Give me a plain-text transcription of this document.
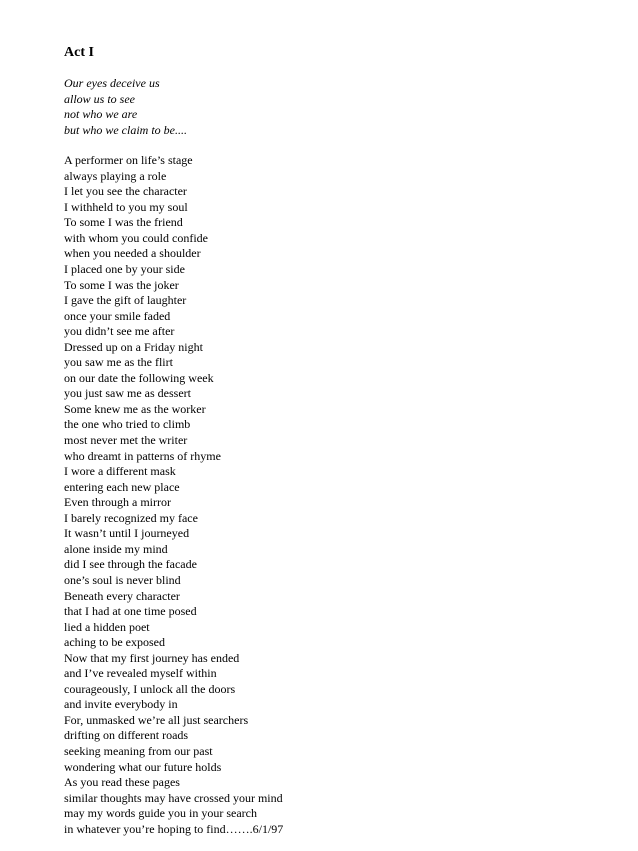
Act I
Our eyes deceive us
allow us to see
not who we are
but who we claim to be....
A performer on life’s stage
always playing a role
I let you see the character
I withheld to you my soul
To some I was the friend
with whom you could confide
when you needed a shoulder
I placed one by your side
To some I was the joker
I gave the gift of laughter
once your smile faded
you didn’t see me after
Dressed up on a Friday night
you saw me as the flirt
on our date the following week
you just saw me as dessert
Some knew me as the worker
the one who tried to climb
most never met the writer
who dreamt in patterns of rhyme
I wore a different mask
entering each new place
Even through a mirror
I barely recognized my face
It wasn’t until I journeyed
alone inside my mind
did I see through the facade
one’s soul is never blind
Beneath every character
that I had at one time posed
lied a hidden poet
aching to be exposed
Now that my first journey has ended
and I’ve revealed myself within
courageously, I unlock all the doors
and invite everybody in
For, unmasked we’re all just searchers
drifting on different roads
seeking meaning from our past
wondering what our future holds
As you read these pages
similar thoughts may have crossed your mind
may my words guide you in your search
in whatever you’re hoping to find…….6/1/97
